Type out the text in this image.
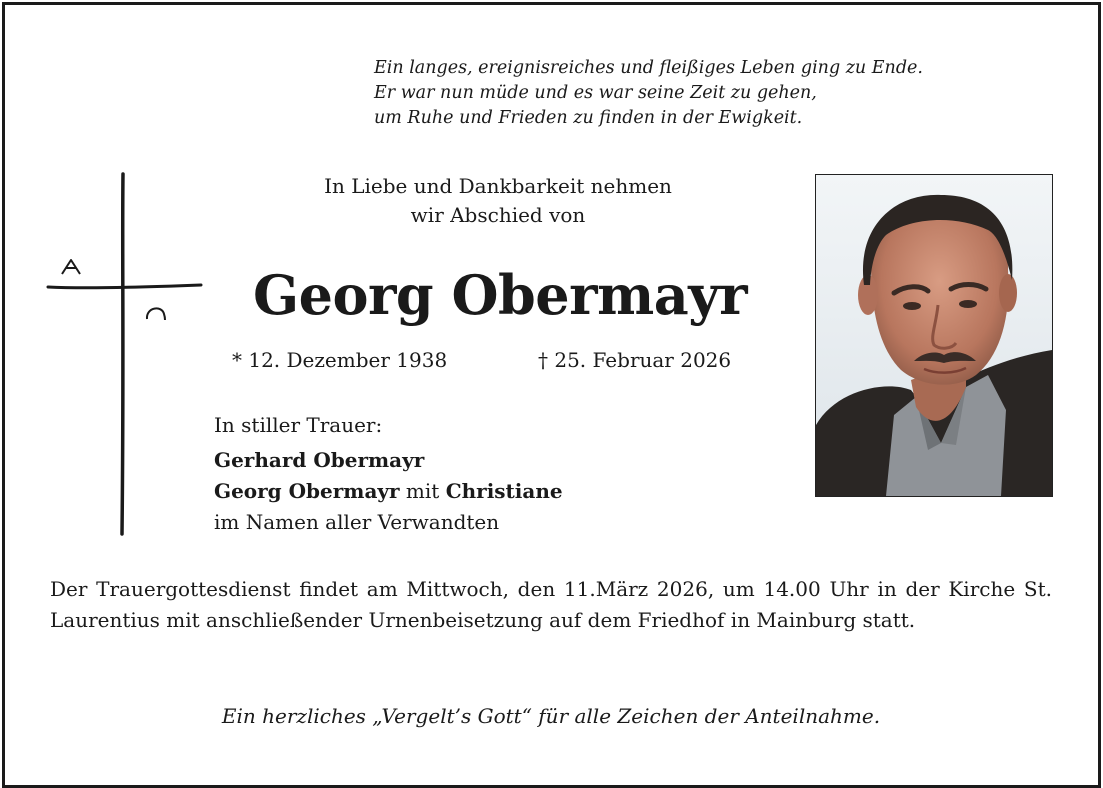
Ein langes, ereignisreiches und fleißiges Leben ging zu Ende.
Er war nun müde und es war seine Zeit zu gehen,
um Ruhe und Frieden zu finden in der Ewigkeit.
In Liebe und Dankbarkeit nehmen
wir Abschied von
Georg Obermayr
* 12. Dezember 1938	† 25. Februar 2026
In stiller Trauer:
Gerhard Obermayr
Georg Obermayr mit Christiane
im Namen aller Verwandten
Der Trauergottesdienst findet am Mittwoch, den 11.März 2026, um 14.00 Uhr in der Kirche St. Laurentius mit anschließender Urnenbeisetzung auf dem Friedhof in Mainburg statt.
Ein herzliches „Vergelt’s Gott“ für alle Zeichen der Anteilnahme.
